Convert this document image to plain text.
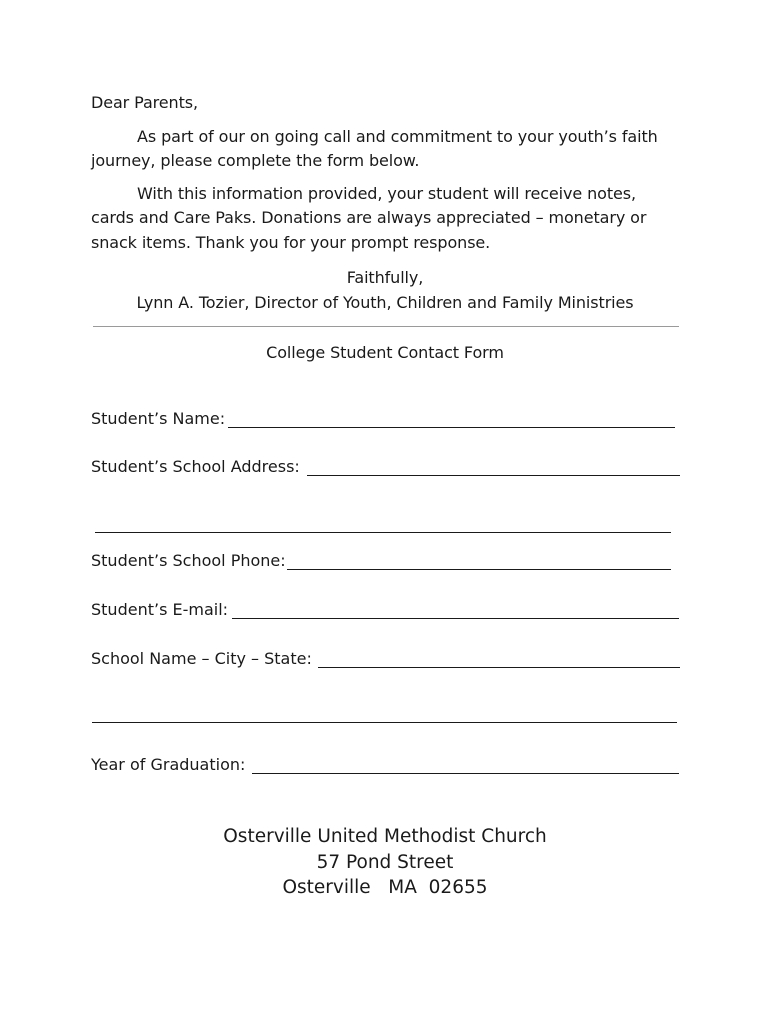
Dear Parents,
As part of our on going call and commitment to your youth’s faith
journey, please complete the form below.
With this information provided, your student will receive notes,
cards and Care Paks. Donations are always appreciated – monetary or
snack items. Thank you for your prompt response.
Faithfully,
Lynn A. Tozier, Director of Youth, Children and Family Ministries
College Student Contact Form
Student’s Name:
Student’s School Address:
Student’s School Phone:
Student’s E-mail:
School Name – City – State:
Year of Graduation:
Osterville United Methodist Church
57 Pond Street
Osterville   MA  02655
